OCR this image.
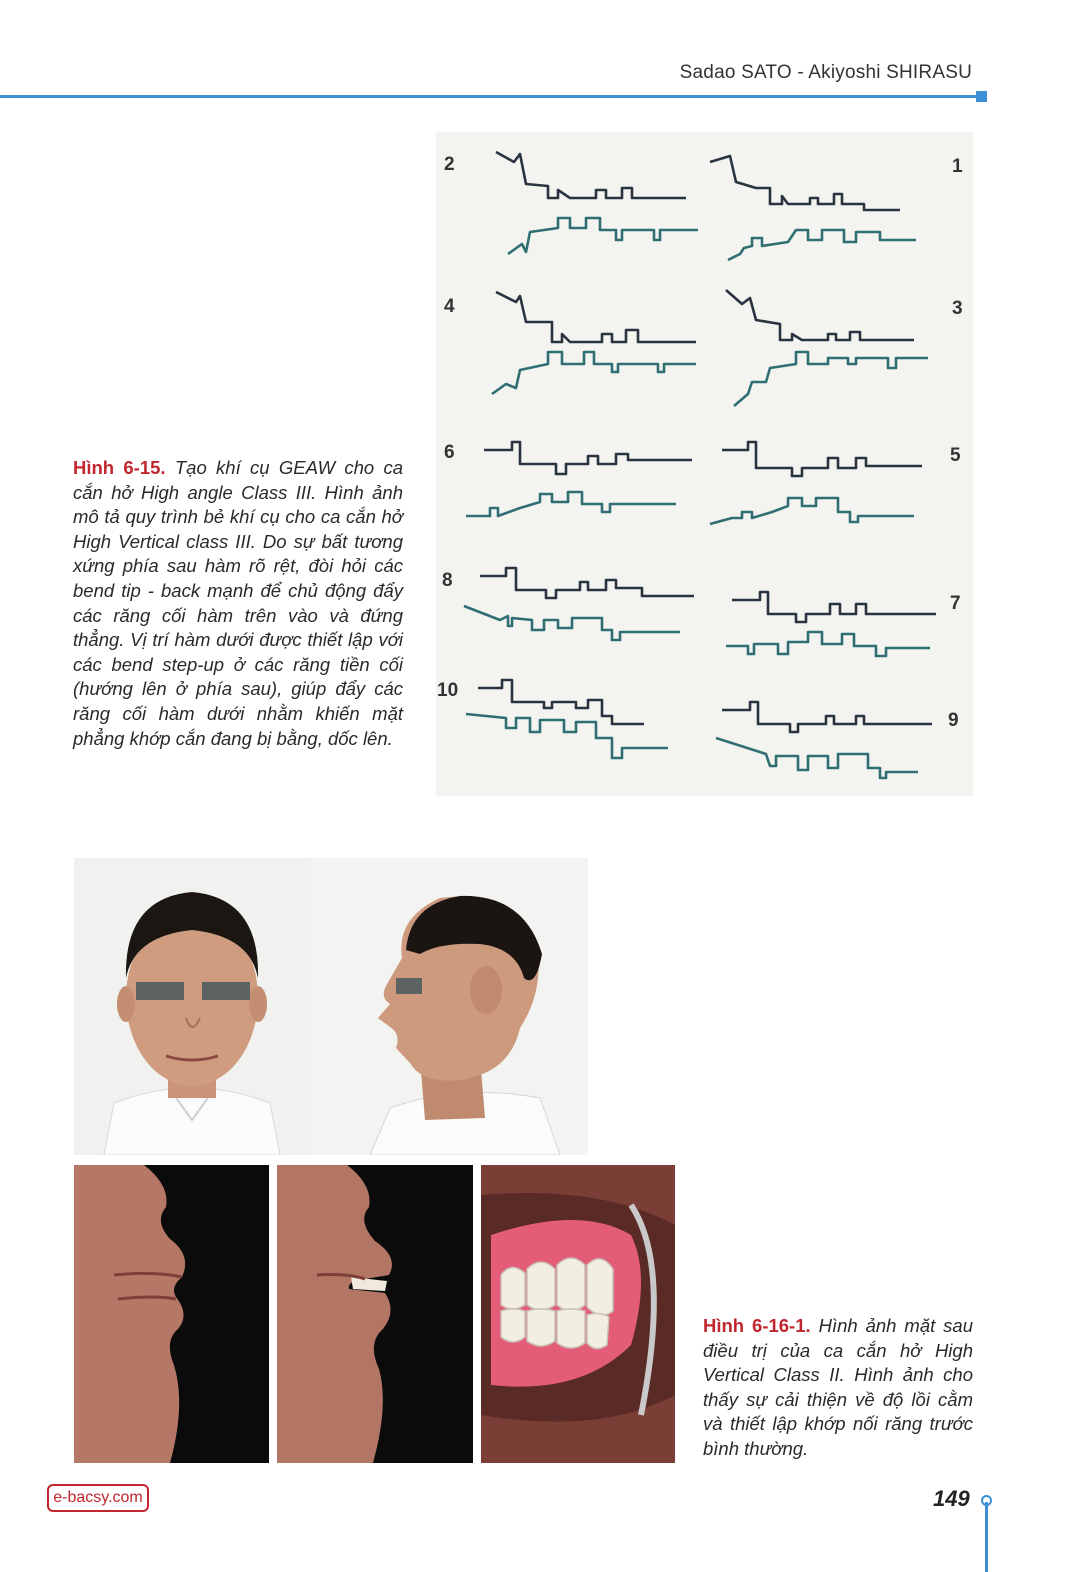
Sadao SATO - Akiyoshi SHIRASU
Hình 6-15. Tạo khí cụ GEAW cho ca cắn hở High angle Class III. Hình ảnh mô tả quy trình bẻ khí cụ cho ca cắn hở High Vertical class III. Do sự bất tương xứng phía sau hàm rõ rệt, đòi hỏi các bend tip - back mạnh để chủ động đẩy các răng cối hàm trên vào và đứng thẳng. Vị trí hàm dưới được thiết lập với các bend step-up ở các răng tiền cối (hướng lên ở phía sau), giúp đẩy các răng cối hàm dưới nhằm khiến mặt phẳng khớp cắn đang bị bằng, dốc lên.
1
2
3
4
5
6
7
8
9
10
Hình 6-16-1. Hình ảnh mặt sau điều trị của ca cắn hở High Vertical Class II. Hình ảnh cho thấy sự cải thiện về độ lồi cằm và thiết lập khớp nối răng trước bình thường.
e-bacsy.com	149
